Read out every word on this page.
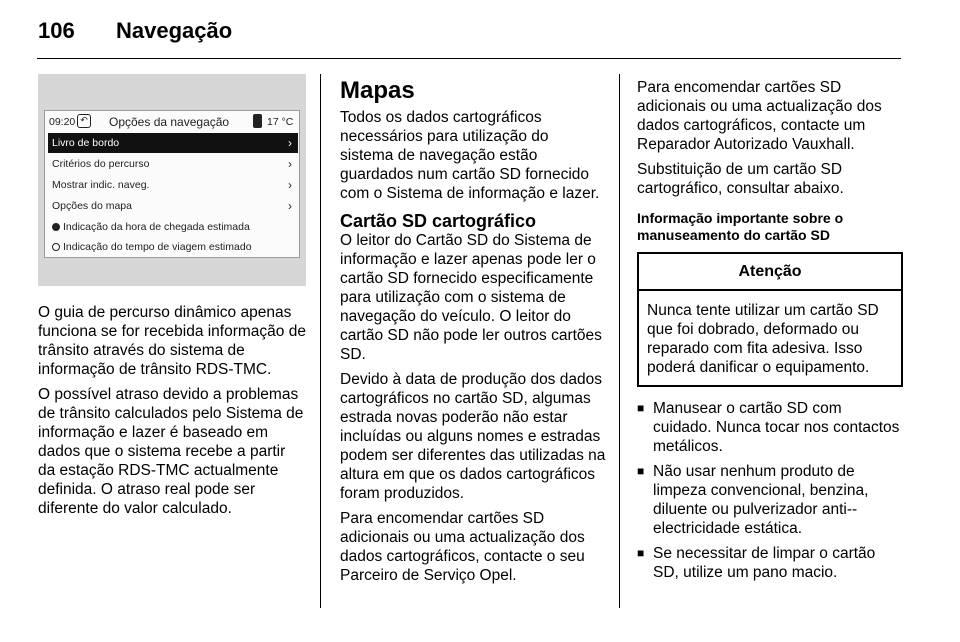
106	Navegação
09:20 ↶ Opções da navegação	17 °C
Livro de bordo	›
Critérios do percurso	›
Mostrar indic. naveg.	›
Opções do mapa	›
Indicação da hora de chegada estimada
Indicação do tempo de viagem estimado

O guia de percurso dinâmico apenas funciona se for recebida informação de trânsito através do sistema de informação de trânsito RDS-TMC.

O possível atraso devido a problemas de trânsito calculados pelo Sistema de informação e lazer é baseado em dados que o sistema recebe a partir da estação RDS-TMC actualmente definida. O atraso real pode ser diferente do valor calculado.

Mapas

Todos os dados cartográficos necessários para utilização do sistema de navegação estão guardados num cartão SD fornecido com o Sistema de informação e lazer.

Cartão SD cartográfico

O leitor do Cartão SD do Sistema de informação e lazer apenas pode ler o cartão SD fornecido especificamente para utilização com o sistema de navegação do veículo. O leitor do cartão SD não pode ler outros cartões SD.

Devido à data de produção dos dados cartográficos no cartão SD, algumas estrada novas poderão não estar incluídas ou alguns nomes e estradas podem ser diferentes das utilizadas na altura em que os dados cartográficos foram produzidos.

Para encomendar cartões SD adicionais ou uma actualização dos dados cartográficos, contacte o seu Parceiro de Serviço Opel.

Para encomendar cartões SD adicionais ou uma actualização dos dados cartográficos, contacte um Reparador Autorizado Vauxhall.

Substituição de um cartão SD cartográfico, consultar abaixo.

Informação importante sobre o manuseamento do cartão SD
Atenção
Nunca tente utilizar um cartão SD que foi dobrado, deformado ou reparado com fita adesiva. Isso poderá danificar o equipamento.
■ Manusear o cartão SD com cuidado. Nunca tocar nos contactos metálicos.
■ Não usar nenhum produto de limpeza convencional, benzina, diluente ou pulverizador anti--electricidade estática.
■ Se necessitar de limpar o cartão SD, utilize um pano macio.
